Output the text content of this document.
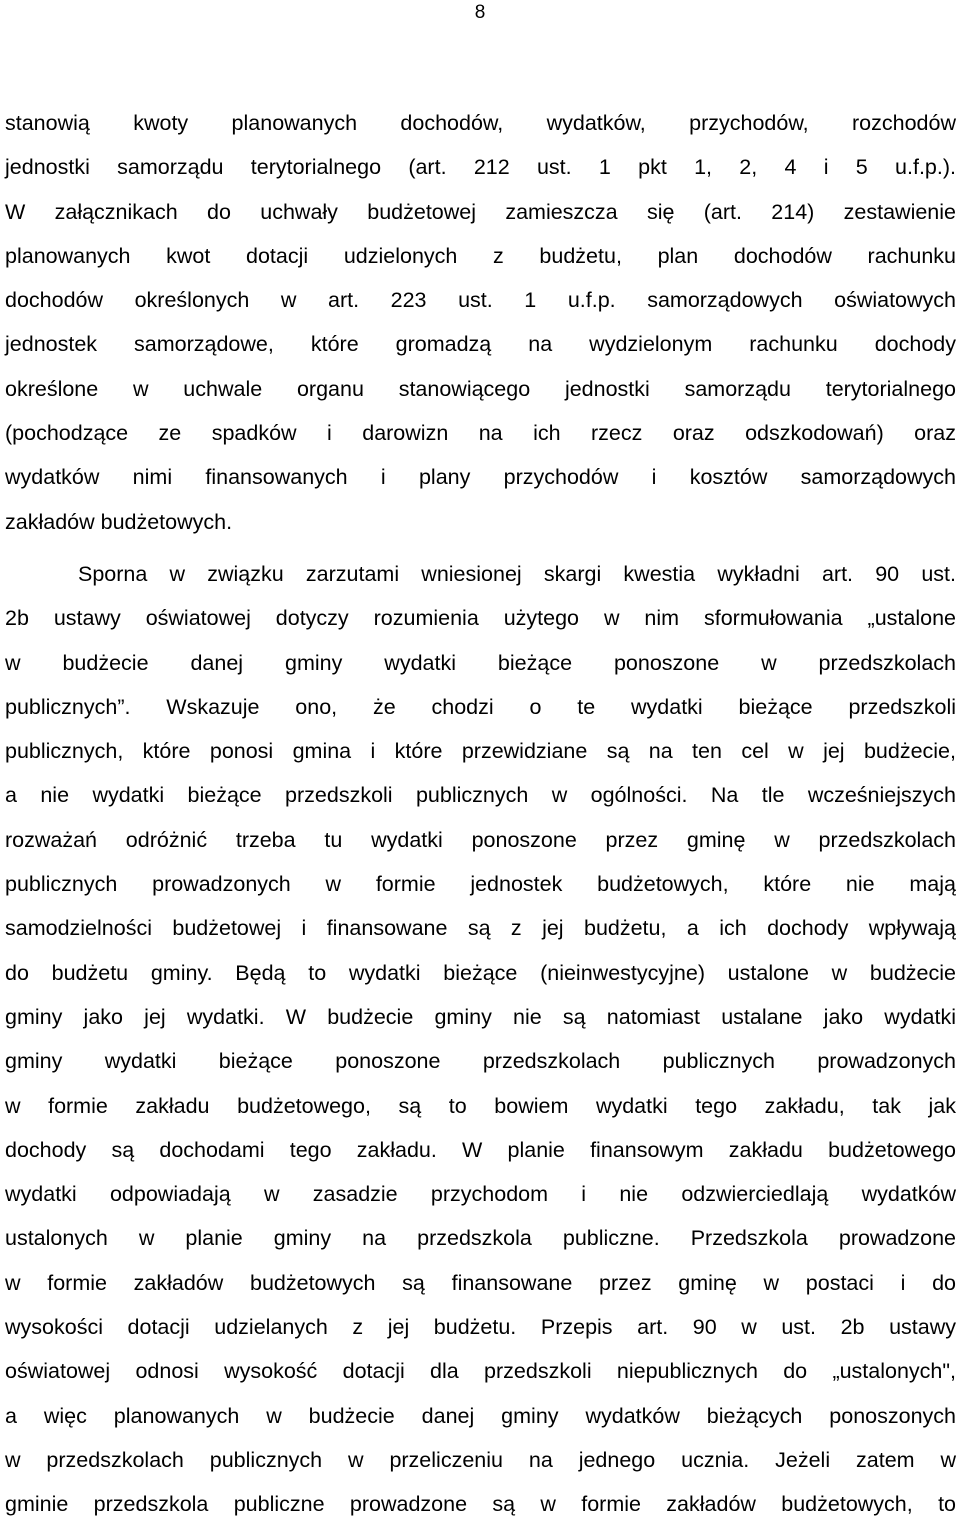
8

stanowią kwoty planowanych dochodów, wydatków, przychodów, rozchodów
jednostki samorządu terytorialnego (art. 212 ust. 1 pkt 1, 2, 4 i 5 u.f.p.).
W załącznikach do uchwały budżetowej zamieszcza się (art. 214) zestawienie
planowanych kwot dotacji udzielonych z budżetu, plan dochodów rachunku
dochodów określonych w art. 223 ust. 1 u.f.p. samorządowych oświatowych
jednostek samorządowe, które gromadzą na wydzielonym rachunku dochody
określone w uchwale organu stanowiącego jednostki samorządu terytorialnego
(pochodzące ze spadków i darowizn na ich rzecz oraz odszkodowań) oraz
wydatków nimi finansowanych i plany przychodów i kosztów samorządowych
zakładów budżetowych.

Sporna w związku zarzutami wniesionej skargi kwestia wykładni art. 90 ust.
2b ustawy oświatowej dotyczy rozumienia użytego w nim sformułowania „ustalone
w budżecie danej gminy wydatki bieżące ponoszone w przedszkolach
publicznych”. Wskazuje ono, że chodzi o te wydatki bieżące przedszkoli
publicznych, które ponosi gmina i które przewidziane są na ten cel w jej budżecie,
a nie wydatki bieżące przedszkoli publicznych w ogólności. Na tle wcześniejszych
rozważań odróżnić trzeba tu wydatki ponoszone przez gminę w przedszkolach
publicznych prowadzonych w formie jednostek budżetowych, które nie mają
samodzielności budżetowej i finansowane są z jej budżetu, a ich dochody wpływają
do budżetu gminy. Będą to wydatki bieżące (nieinwestycyjne) ustalone w budżecie
gminy jako jej wydatki. W budżecie gminy nie są natomiast ustalane jako wydatki
gminy wydatki bieżące ponoszone przedszkolach publicznych prowadzonych
w formie zakładu budżetowego, są to bowiem wydatki tego zakładu, tak jak
dochody są dochodami tego zakładu. W planie finansowym zakładu budżetowego
wydatki odpowiadają w zasadzie przychodom i nie odzwierciedlają wydatków
ustalonych w planie gminy na przedszkola publiczne. Przedszkola prowadzone
w formie zakładów budżetowych są finansowane przez gminę w postaci i do
wysokości dotacji udzielanych z jej budżetu. Przepis art. 90 w ust. 2b ustawy
oświatowej odnosi wysokość dotacji dla przedszkoli niepublicznych do „ustalonych",
a więc planowanych w budżecie danej gminy wydatków bieżących ponoszonych
w przedszkolach publicznych w przeliczeniu na jednego ucznia. Jeżeli zatem w
gminie przedszkola publiczne prowadzone są w formie zakładów budżetowych, to
